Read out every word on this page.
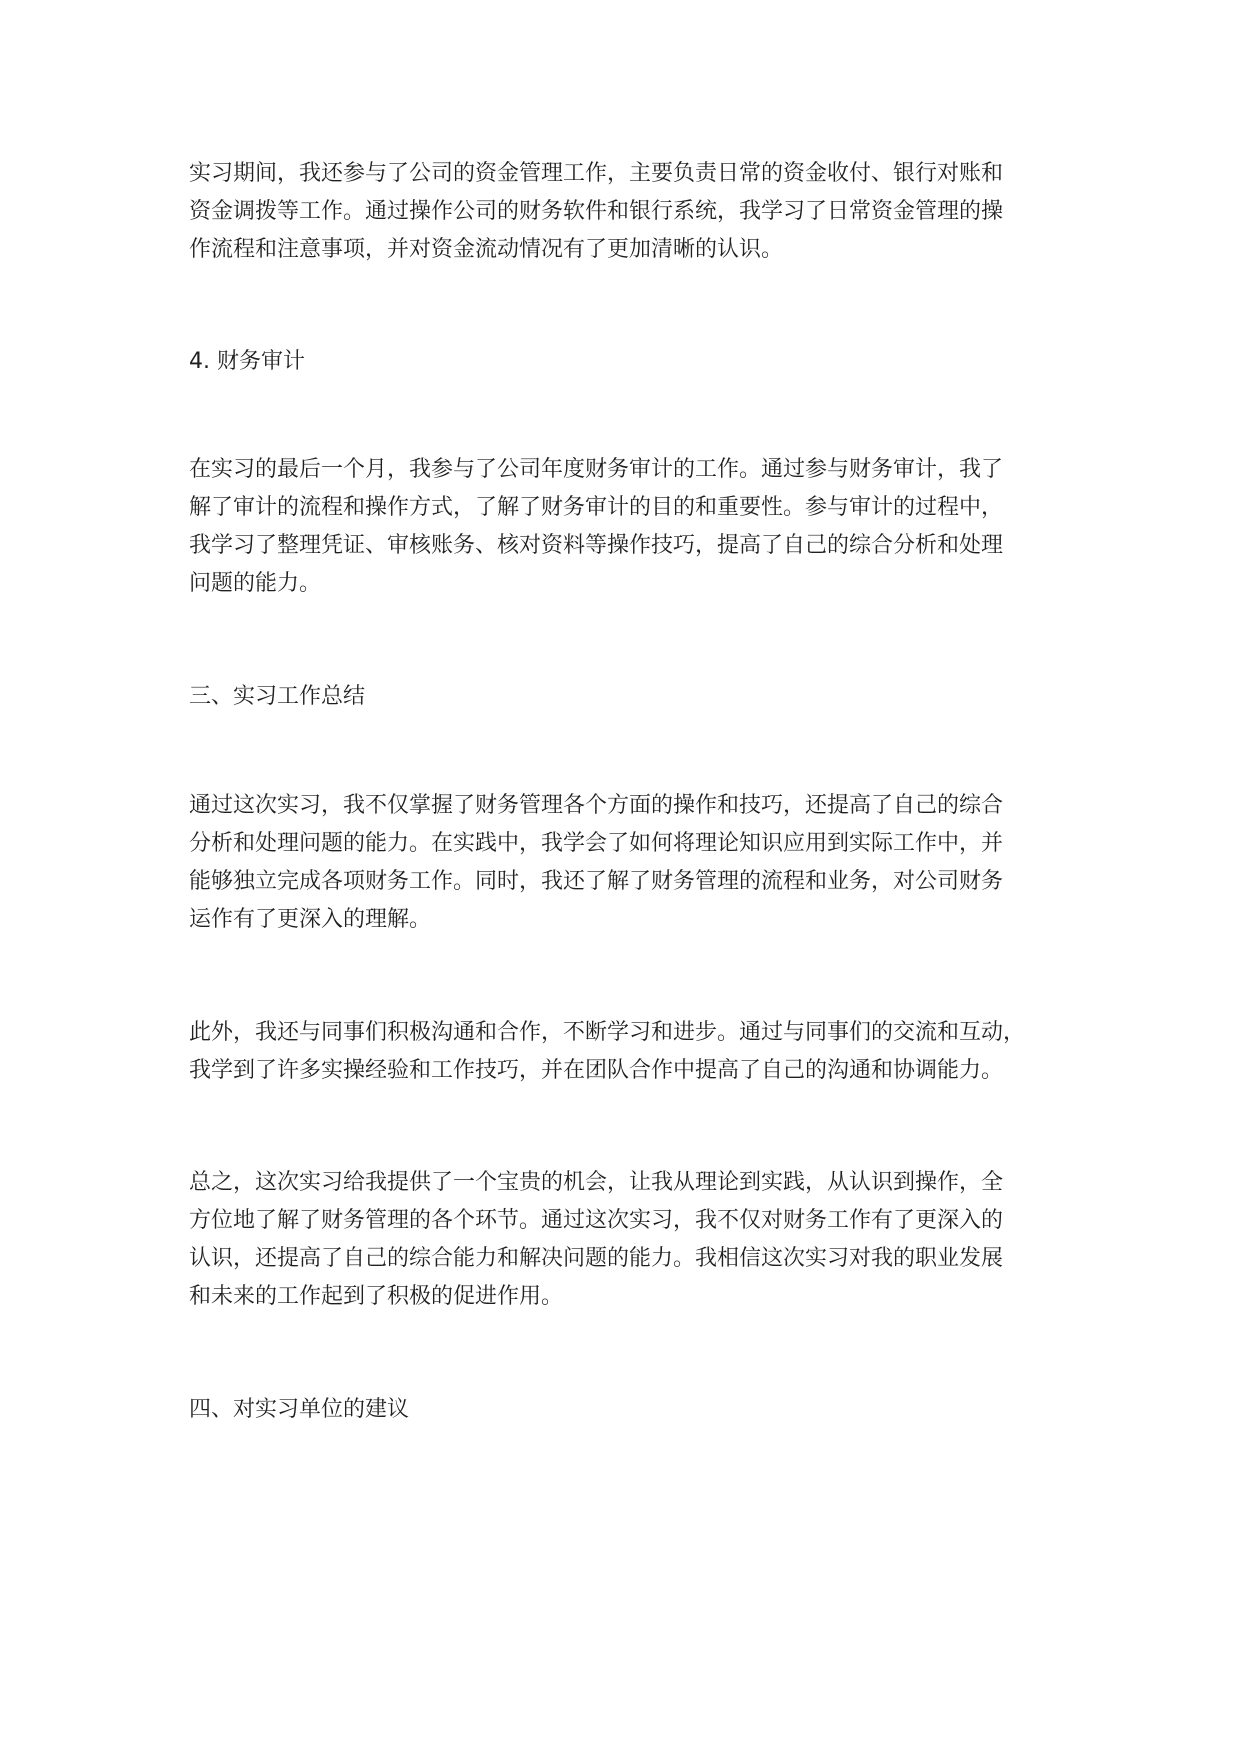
实习期间，我还参与了公司的资金管理工作，主要负责日常的资金收付、银行对账和
资金调拨等工作。通过操作公司的财务软件和银行系统，我学习了日常资金管理的操
作流程和注意事项，并对资金流动情况有了更加清晰的认识。

4. 财务审计

在实习的最后一个月，我参与了公司年度财务审计的工作。通过参与财务审计，我了
解了审计的流程和操作方式，了解了财务审计的目的和重要性。参与审计的过程中，
我学习了整理凭证、审核账务、核对资料等操作技巧，提高了自己的综合分析和处理
问题的能力。

三、实习工作总结

通过这次实习，我不仅掌握了财务管理各个方面的操作和技巧，还提高了自己的综合
分析和处理问题的能力。在实践中，我学会了如何将理论知识应用到实际工作中，并
能够独立完成各项财务工作。同时，我还了解了财务管理的流程和业务，对公司财务
运作有了更深入的理解。

此外，我还与同事们积极沟通和合作，不断学习和进步。通过与同事们的交流和互动，
我学到了许多实操经验和工作技巧，并在团队合作中提高了自己的沟通和协调能力。

总之，这次实习给我提供了一个宝贵的机会，让我从理论到实践，从认识到操作，全
方位地了解了财务管理的各个环节。通过这次实习，我不仅对财务工作有了更深入的
认识，还提高了自己的综合能力和解决问题的能力。我相信这次实习对我的职业发展
和未来的工作起到了积极的促进作用。

四、对实习单位的建议
